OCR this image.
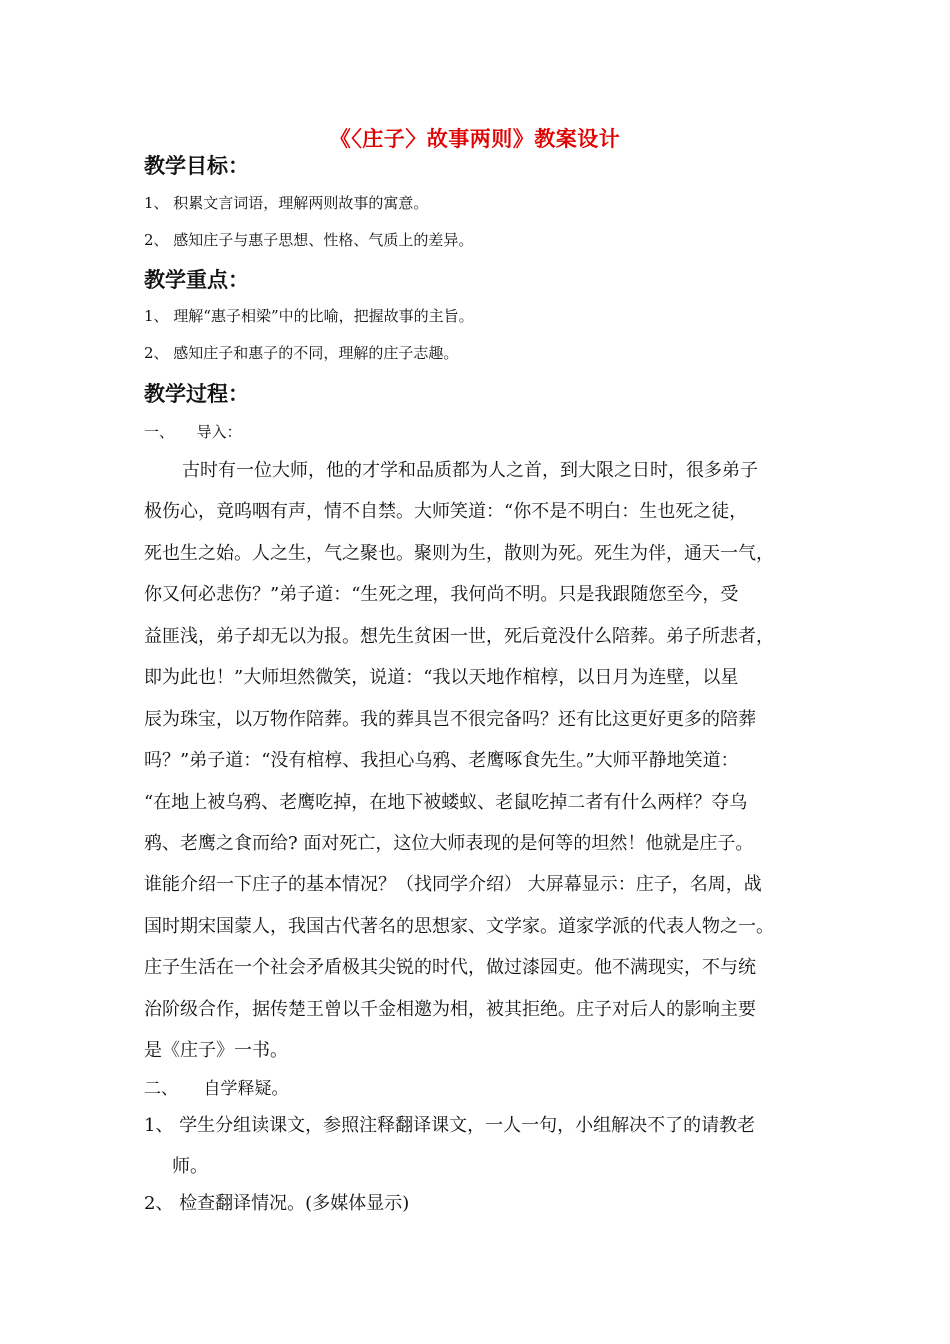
《〈庄子〉故事两则》教案设计
教学目标：
1、 积累文言词语，理解两则故事的寓意。
2、 感知庄子与惠子思想、性格、气质上的差异。
教学重点：
1、 理解“惠子相梁”中的比喻，把握故事的主旨。
2、 感知庄子和惠子的不同，理解的庄子志趣。
教学过程：
一、　　导入：
古时有一位大师，他的才学和品质都为人之首，到大限之日时，很多弟子
极伤心，竟呜咽有声，情不自禁。大师笑道：“你不是不明白：生也死之徒，
死也生之始。人之生，气之聚也。聚则为生，散则为死。死生为伴，通天一气，
你又何必悲伤？”弟子道：“生死之理，我何尚不明。只是我跟随您至今，受
益匪浅，弟子却无以为报。想先生贫困一世，死后竟没什么陪葬。弟子所悲者，
即为此也！”大师坦然微笑，说道：“我以天地作棺椁，以日月为连壁，以星
辰为珠宝，以万物作陪葬。我的葬具岂不很完备吗？还有比这更好更多的陪葬
吗？”弟子道：“没有棺椁、我担心乌鸦、老鹰啄食先生。”大师平静地笑道：
“在地上被乌鸦、老鹰吃掉，在地下被蝼蚁、老鼠吃掉二者有什么两样？夺乌
鸦、老鹰之食而给? 面对死亡，这位大师表现的是何等的坦然！他就是庄子。
谁能介绍一下庄子的基本情况？（找同学介绍） 大屏幕显示：庄子，名周，战
国时期宋国蒙人，我国古代著名的思想家、文学家。道家学派的代表人物之一。
庄子生活在一个社会矛盾极其尖锐的时代，做过漆园吏。他不满现实，不与统
治阶级合作，据传楚王曾以千金相邀为相，被其拒绝。庄子对后人的影响主要
是《庄子》一书。
二、　　自学释疑。
1、 学生分组读课文，参照注释翻译课文，一人一句，小组解决不了的请教老
师。
2、 检查翻译情况。(多媒体显示)
